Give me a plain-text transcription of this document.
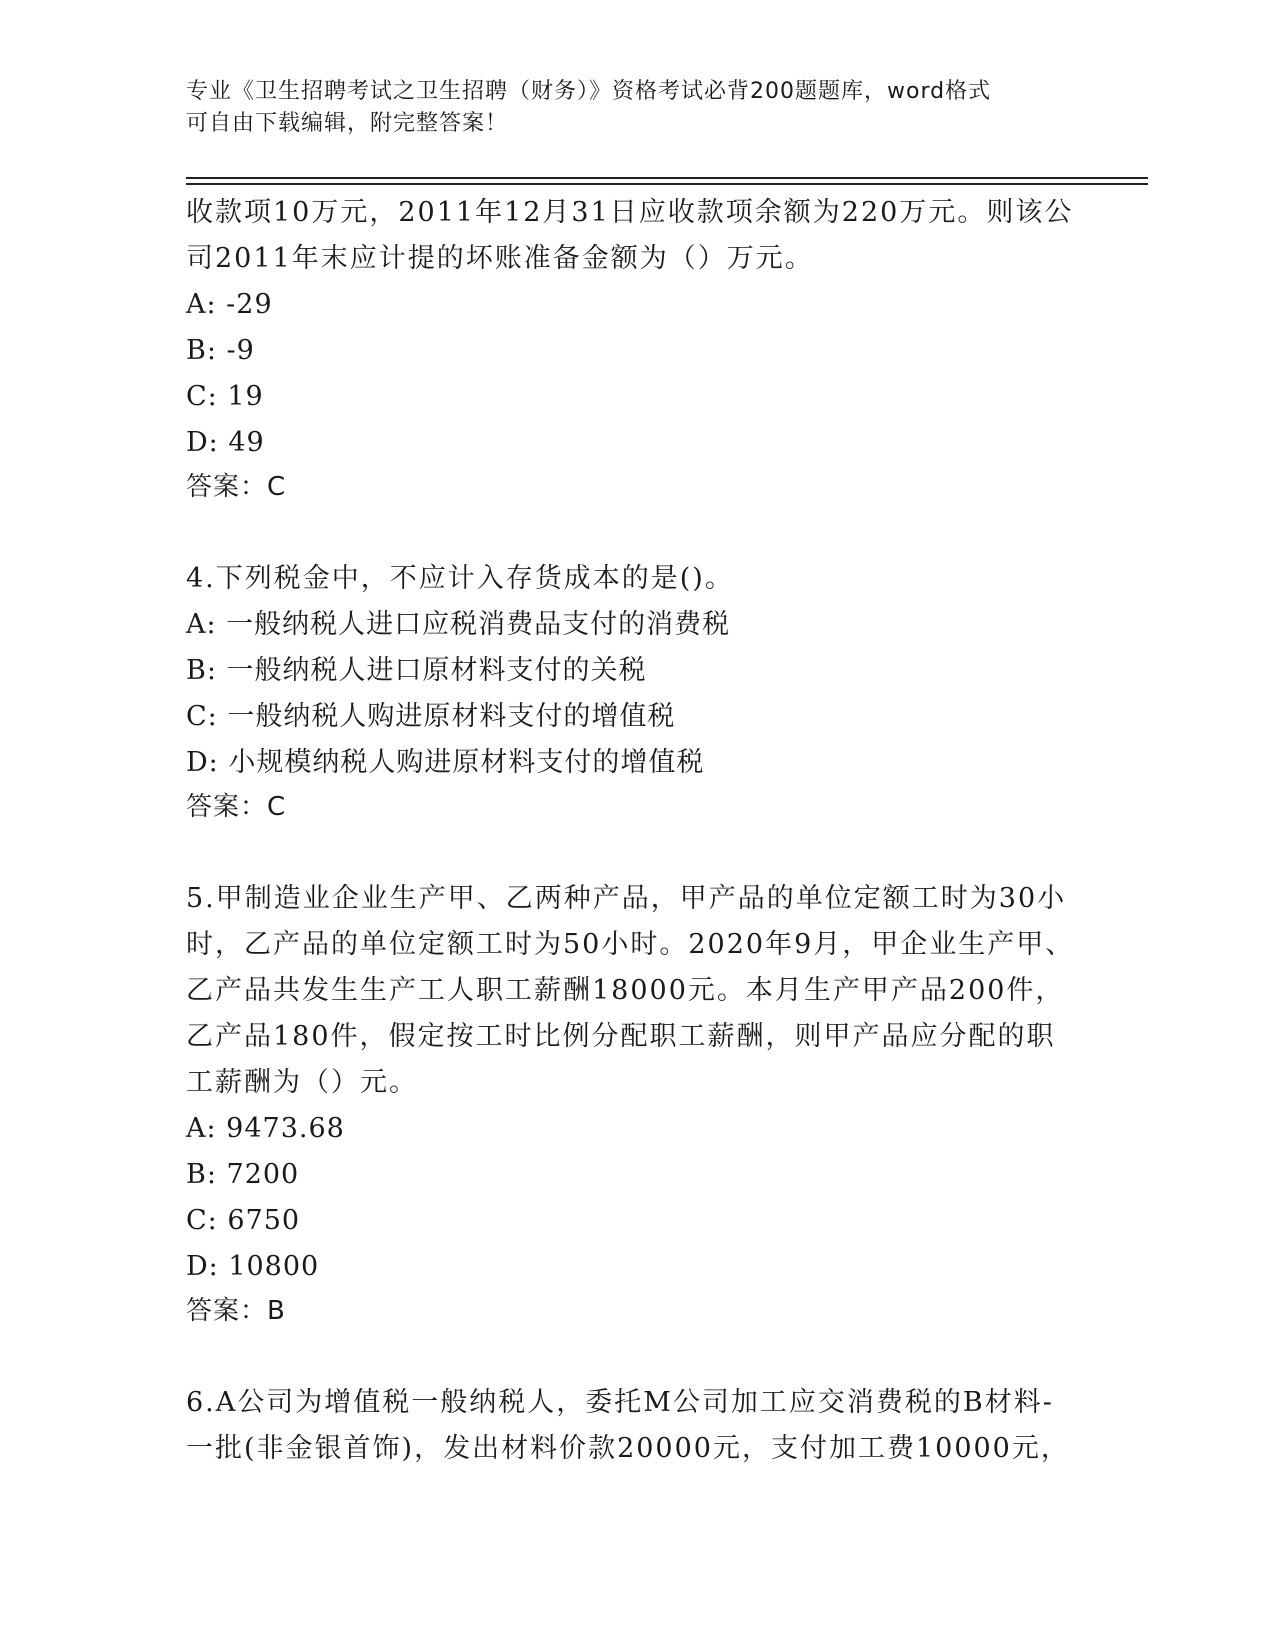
专业《卫生招聘考试之卫生招聘（财务）》资格考试必背200题题库，word格式
可自由下载编辑，附完整答案！
收款项10万元，2011年12月31日应收款项余额为220万元。则该公
司2011年末应计提的坏账准备金额为（）万元。
A: -29
B: -9
C: 19
D: 49
答案：C
4.下列税金中，不应计入存货成本的是()。
A: 一般纳税人进口应税消费品支付的消费税
B: 一般纳税人进口原材料支付的关税
C: 一般纳税人购进原材料支付的增值税
D: 小规模纳税人购进原材料支付的增值税
答案：C
5.甲制造业企业生产甲、乙两种产品，甲产品的单位定额工时为30小
时，乙产品的单位定额工时为50小时。2020年9月，甲企业生产甲、
乙产品共发生生产工人职工薪酬18000元。本月生产甲产品200件，
乙产品180件，假定按工时比例分配职工薪酬，则甲产品应分配的职
工薪酬为（）元。
A: 9473.68
B: 7200
C: 6750
D: 10800
答案：B
6.A公司为增值税一般纳税人，委托M公司加工应交消费税的B材料-
一批(非金银首饰)，发出材料价款20000元，支付加工费10000元，
